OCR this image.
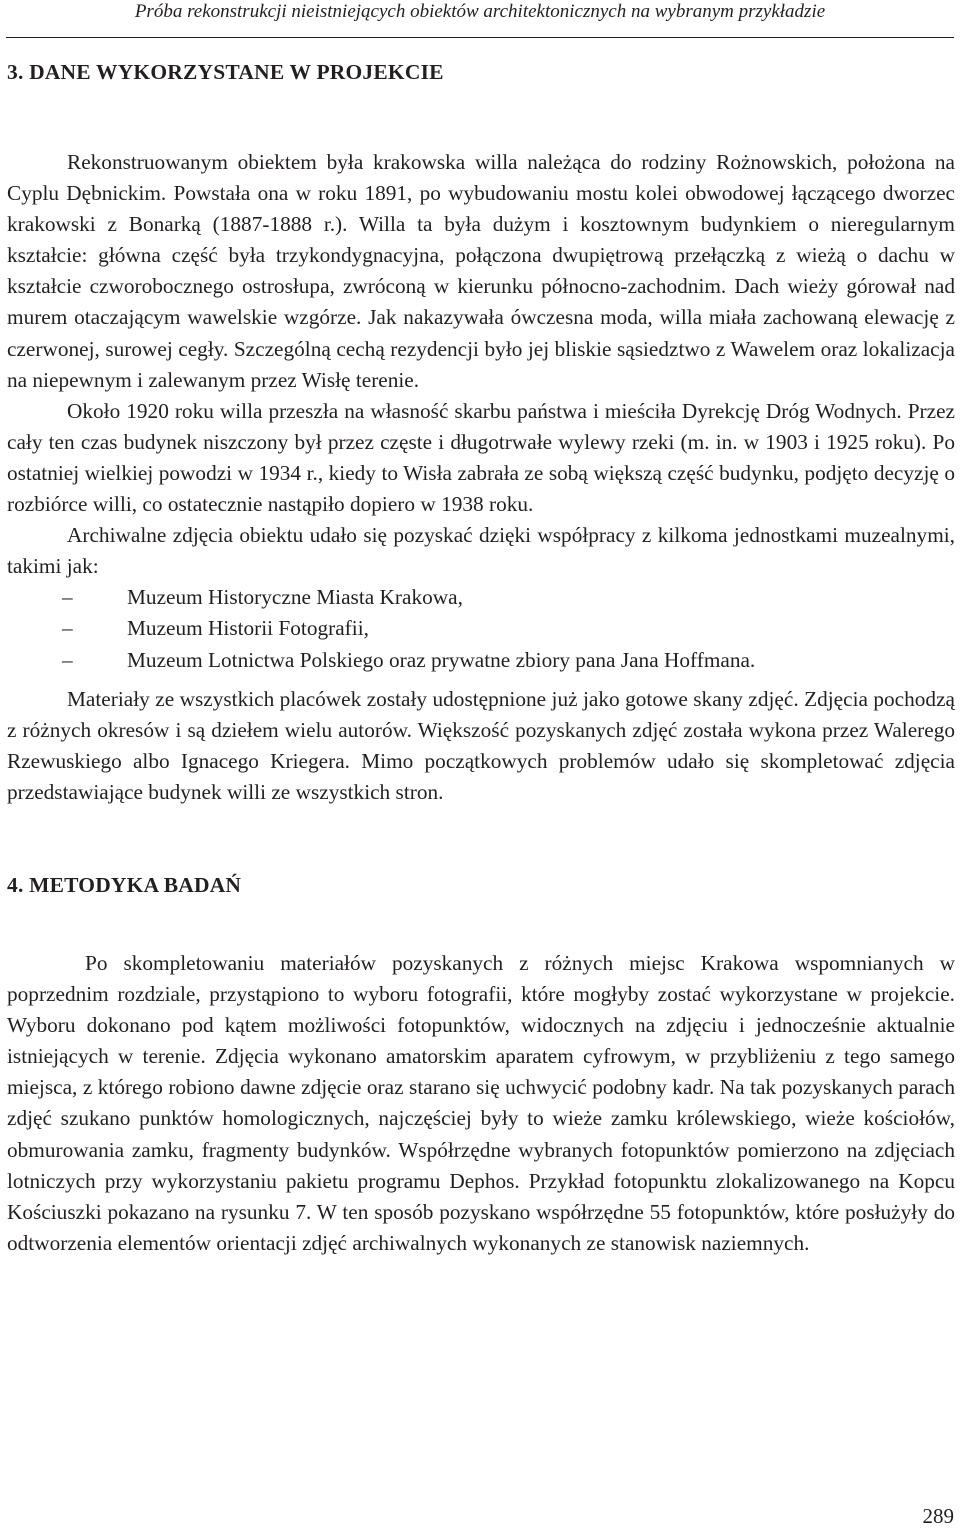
Próba rekonstrukcji nieistniejących obiektów architektonicznych na wybranym przykładzie
3. DANE WYKORZYSTANE W PROJEKCIE

Rekonstruowanym obiektem była krakowska willa należąca do rodziny Rożnowskich, położona na Cyplu Dębnickim. Powstała ona w roku 1891, po wybudowaniu mostu kolei obwodowej łączącego dworzec krakowski z Bonarką (1887-1888 r.). Willa ta była dużym i kosztownym budynkiem o nieregularnym kształcie: główna część była trzykondygnacyjna, połączona dwupiętrową przełączką z wieżą o dachu w kształcie czworobocznego ostrosłupa, zwróconą w kierunku północno-zachodnim. Dach wieży górował nad murem otaczającym wawelskie wzgórze. Jak nakazywała ówczesna moda, willa miała zachowaną elewację z czerwonej, surowej cegły. Szczególną cechą rezydencji było jej bliskie sąsiedztwo z Wawelem oraz lokalizacja na niepewnym i zalewanym przez Wisłę terenie.

Około 1920 roku willa przeszła na własność skarbu państwa i mieściła Dyrekcję Dróg Wodnych. Przez cały ten czas budynek niszczony był przez częste i długotrwałe wylewy rzeki (m. in. w 1903 i 1925 roku). Po ostatniej wielkiej powodzi w 1934 r., kiedy to Wisła zabrała ze sobą większą część budynku, podjęto decyzję o rozbiórce willi, co ostatecznie nastąpiło dopiero w 1938 roku.

Archiwalne zdjęcia obiektu udało się pozyskać dzięki współpracy z kilkoma jednostkami muzealnymi, takimi jak:

–	Muzeum Historyczne Miasta Krakowa,
–	Muzeum Historii Fotografii,
–	Muzeum Lotnictwa Polskiego oraz prywatne zbiory pana Jana Hoffmana.

Materiały ze wszystkich placówek zostały udostępnione już jako gotowe skany zdjęć. Zdjęcia pochodzą z różnych okresów i są dziełem wielu autorów. Większość pozyskanych zdjęć została wykona przez Walerego Rzewuskiego albo Ignacego Kriegera. Mimo początkowych problemów udało się skompletować zdjęcia przedstawiające budynek willi ze wszystkich stron.

4. METODYKA BADAŃ

Po skompletowaniu materiałów pozyskanych z różnych miejsc Krakowa wspomnianych w poprzednim rozdziale, przystąpiono to wyboru fotografii, które mogłyby zostać wykorzystane w projekcie. Wyboru dokonano pod kątem możliwości fotopunktów, widocznych na zdjęciu i jednocześnie aktualnie istniejących w terenie. Zdjęcia wykonano amatorskim aparatem cyfrowym, w przybliżeniu z tego samego miejsca, z którego robiono dawne zdjęcie oraz starano się uchwycić podobny kadr. Na tak pozyskanych parach zdjęć szukano punktów homologicznych, najczęściej były to wieże zamku królewskiego, wieże kościołów, obmurowania zamku, fragmenty budynków. Współrzędne wybranych fotopunktów pomierzono na zdjęciach lotniczych przy wykorzystaniu pakietu programu Dephos. Przykład fotopunktu zlokalizowanego na Kopcu Kościuszki pokazano na rysunku 7. W ten sposób pozyskano współrzędne 55 fotopunktów, które posłużyły do odtworzenia elementów orientacji zdjęć archiwalnych wykonanych ze stanowisk naziemnych.

289
